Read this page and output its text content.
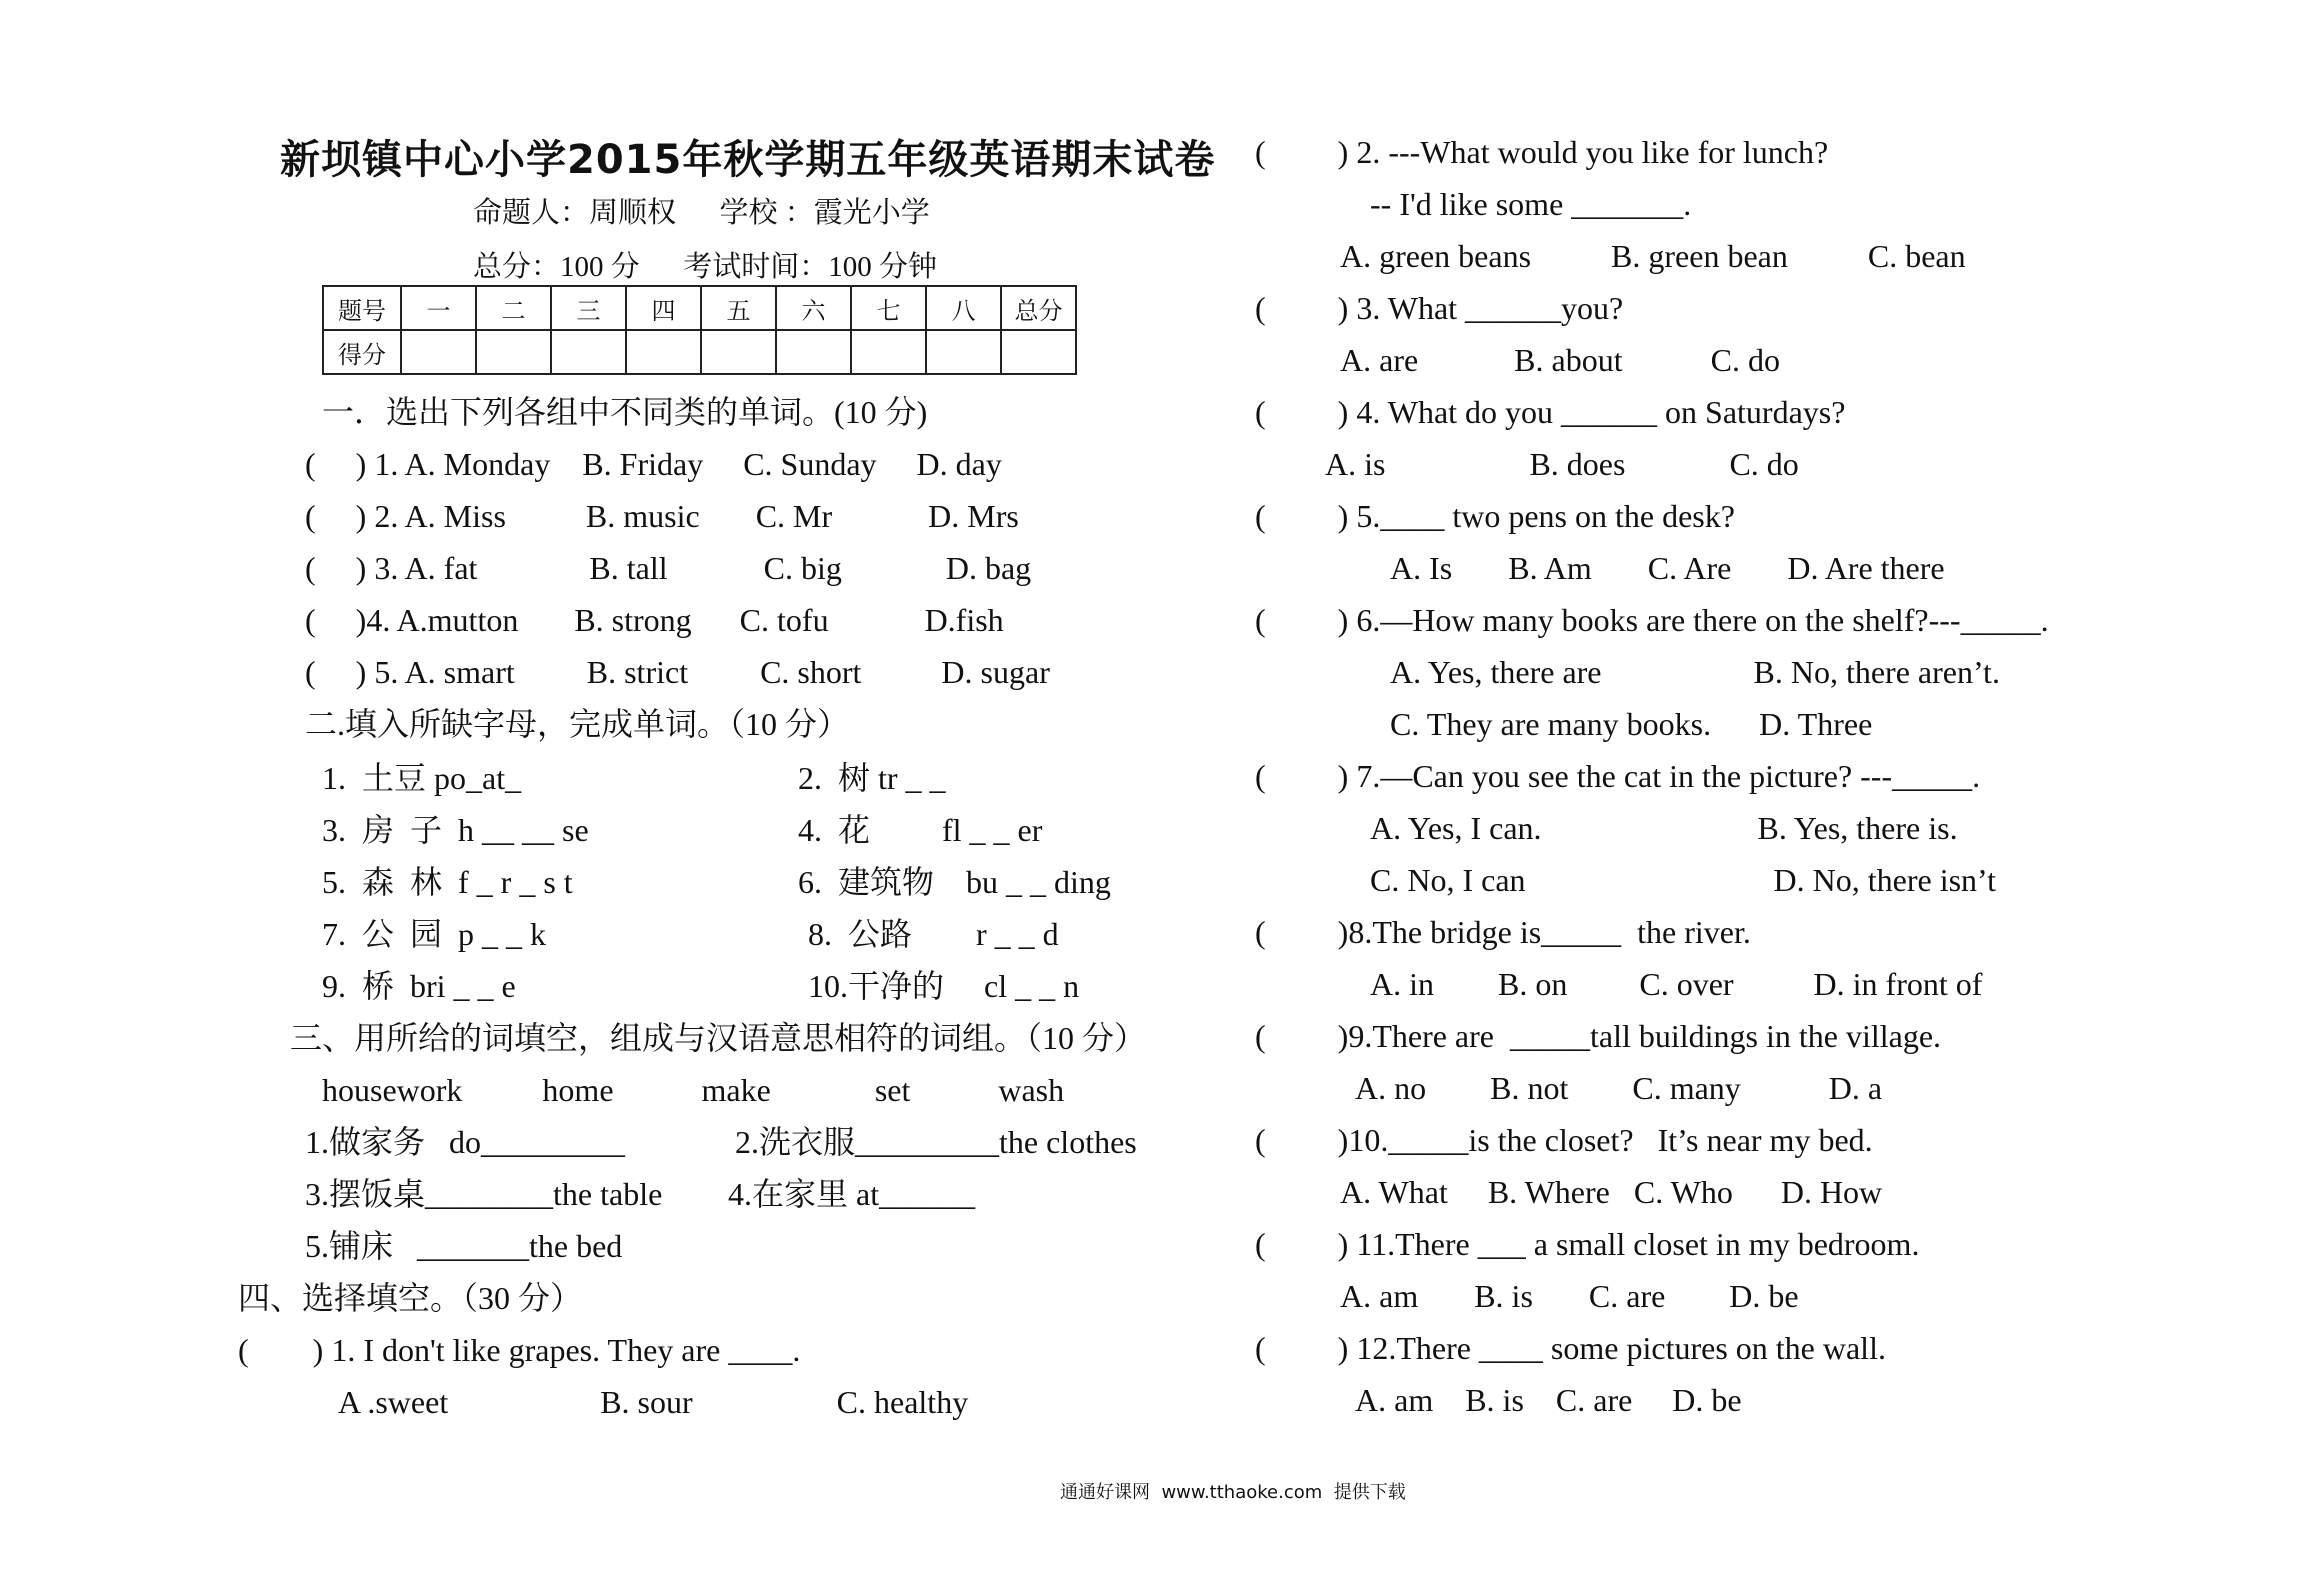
新坝镇中心小学2015年秋学期五年级英语期末试卷
命题人：周顺权      学校 ：霞光小学
总分：100 分      考试时间：100 分钟
题号	一	二	三	四	五	六	七	八	总分
得分									
一．选出下列各组中不同类的单词。(10 分)
(     ) 1. A. Monday    B. Friday     C. Sunday     D. day
(     ) 2. A. Miss          B. music       C. Mr            D. Mrs
(     ) 3. A. fat              B. tall            C. big             D. bag
(     )4. A.mutton       B. strong      C. tofu            D.fish
(     ) 5. A. smart         B. strict         C. short          D. sugar
二.填入所缺字母，完成单词。（10 分）
1.  土豆 po_at_	2.  树 tr _ _
3.  房  子  h __ __ se	4.  花         fl _ _ er
5.  森  林  f _ r _ s t	6.  建筑物    bu _ _ ding
7.  公  园  p _ _ k	8.  公路        r _ _ d
9.  桥  bri _ _ e	10.干净的     cl _ _ n
三、用所给的词填空，组成与汉语意思相符的词组。（10 分）
housework          home           make             set           wash
1.做家务   do_________	2.洗衣服_________the clothes
3.摆饭桌________the table 4.在家里 at______
5.铺床   _______the bed
四、选择填空。（30 分）
(        ) 1. I don't like grapes. They are ____.
A .sweet                   B. sour                  C. healthy
(         ) 2. ---What would you like for lunch?
-- I'd like some _______.
A. green beans          B. green bean          C. bean
(         ) 3. What ______you?
A. are            B. about           C. do
(         ) 4. What do you ______ on Saturdays?
A. is                  B. does             C. do
(         ) 5.____ two pens on the desk?
A. Is       B. Am       C. Are       D. Are there
(         ) 6.—How many books are there on the shelf?---_____.
A. Yes, there are                   B. No, there aren’t.
C. They are many books.      D. Three
(         ) 7.—Can you see the cat in the picture? ---_____.
A. Yes, I can.                           B. Yes, there is.
C. No, I can                               D. No, there isn’t
(         )8.The bridge is_____  the river.
A. in        B. on         C. over          D. in front of
(         )9.There are  _____tall buildings in the village.
A. no        B. not        C. many           D. a
(         )10._____is the closet?   It’s near my bed.
A. What     B. Where   C. Who      D. How
(         ) 11.There ___ a small closet in my bedroom.
A. am       B. is       C. are        D. be
(         ) 12.There ____ some pictures on the wall.
A. am    B. is    C. are     D. be
通通好课网  www.tthaoke.com  提供下载
